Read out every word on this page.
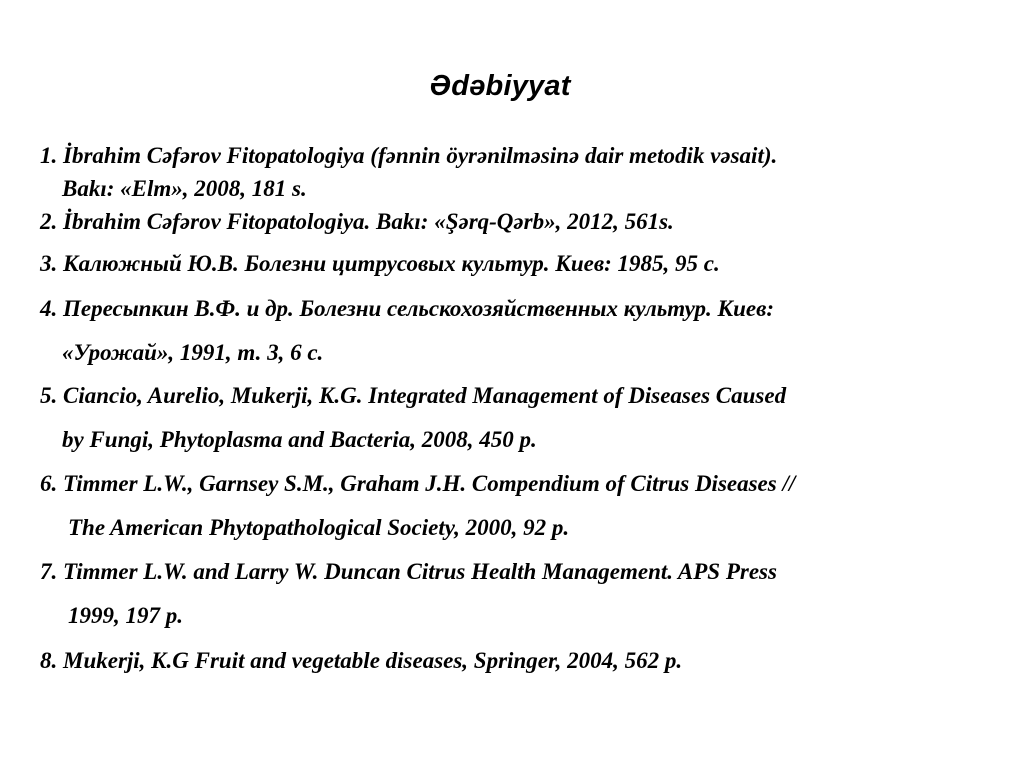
Ədəbiyyat
1. İbrahim Cəfərov Fitopatologiya (fənnin öyrənilməsinə dair metodik vəsait).
Bakı: «Elm», 2008, 181 s.
2. İbrahim Cəfərov Fitopatologiya. Bakı: «Şərq-Qərb», 2012, 561s.
3. Калюжный Ю.В. Болезни цитрусовых культур. Киев: 1985, 95 с.
4. Пересыпкин В.Ф. и др. Болезни сельскохозяйственных культур. Киев:
«Урожай», 1991, т. 3, 6 с.
5. Ciancio, Aurelio, Mukerji, K.G. Integrated Management of Diseases Caused
by Fungi, Phytoplasma and Bacteria, 2008, 450 p.
6. Timmer L.W., Garnsey S.M., Graham J.H. Compendium of Citrus Diseases //
The American Phytopathological Society, 2000, 92 p.
7. Timmer L.W. and Larry W. Duncan Citrus Health Management. APS Press
1999, 197 p.
8. Mukerji, K.G Fruit and vegetable diseases, Springer, 2004, 562 p.
